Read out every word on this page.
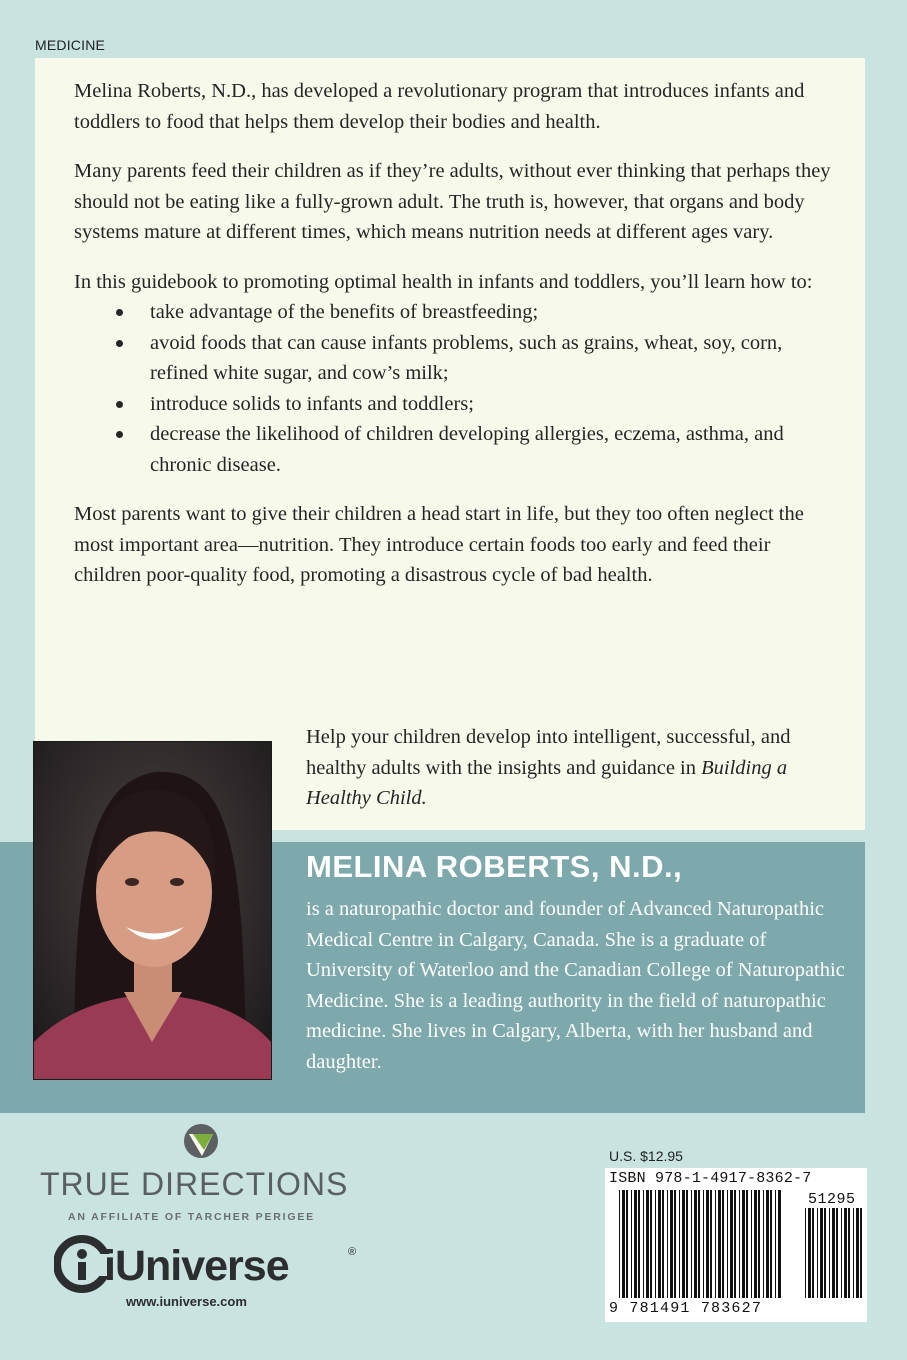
MEDICINE

Melina Roberts, N.D., has developed a revolutionary program that introduces infants and toddlers to food that helps them develop their bodies and health.

Many parents feed their children as if they’re adults, without ever thinking that perhaps they should not be eating like a fully-grown adult. The truth is, however, that organs and body systems mature at different times, which means nutrition needs at different ages vary.

In this guidebook to promoting optimal health in infants and toddlers, you’ll learn how to:

take advantage of the benefits of breastfeeding;
avoid foods that can cause infants problems, such as grains, wheat, soy, corn, refined white sugar, and cow’s milk;
introduce solids to infants and toddlers;
decrease the likelihood of children developing allergies, eczema, asthma, and chronic disease.

Most parents want to give their children a head start in life, but they too often neglect the most important area—nutrition. They introduce certain foods too early and feed their children poor-quality food, promoting a disastrous cycle of bad health.

Help your children develop into intelligent, successful, and healthy adults with the insights and guidance in Building a Healthy Child.
MELINA ROBERTS, N.D.,
is a naturopathic doctor and founder of Advanced Naturopathic Medical Centre in Calgary, Canada. She is a graduate of University of Waterloo and the Canadian College of Naturopathic Medicine. She is a leading authority in the field of naturopathic medicine. She lives in Calgary, Alberta, with her husband and daughter.
TRUE DIRECTIONS
AN AFFILIATE OF TARCHER PERIGEE
iUniverse	®
www.iuniverse.com
U.S. $12.95
ISBN 978-1-4917-8362-7
51295
9 781491 783627
